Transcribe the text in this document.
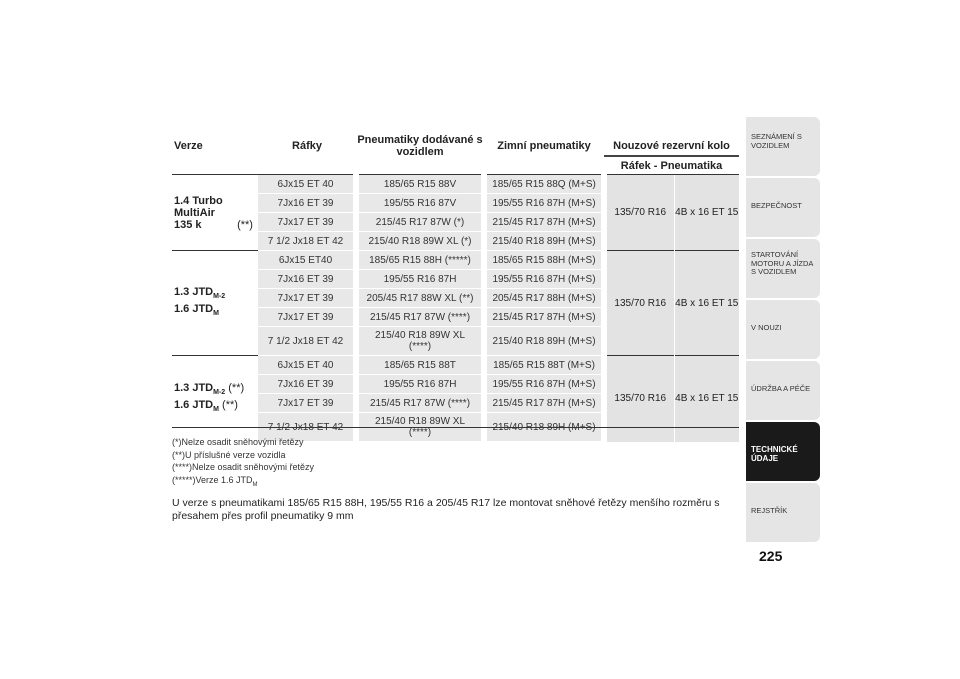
Verze	Ráfky	Pneumatiky dodávané s vozidlem	Zimní pneumatiky	Nouzové rezervní kolo	
				Ráfek - Pneumatika	
1.4 Turbo MultiAir 135 k (**)	6Jx15 ET 40	185/65 R15 88V	185/65 R15 88Q (M+S)	135/70 R16	4B x 16 ET 15
	7Jx16 ET 39	195/55 R16 87V	195/55 R16 87H (M+S)		
	7Jx17 ET 39	215/45 R17 87W (*)	215/45 R17 87H (M+S)		
	7 1/2 Jx18 ET 42	215/40 R18 89W XL (*)	215/40 R18 89H (M+S)		

1.3 $JTD_{M-2}$
1.6 $JTD_M$	6Jx15 ET40	185/65 R15 88H (*****)	185/65 R15 88H (M+S)	135/70 R16	4B x 16 ET 15
	7Jx16 ET 39	195/55 R16 87H	195/55 R16 87H (M+S)		
	7Jx17 ET 39	205/45 R17 88W XL (**)	205/45 R17 88H (M+S)		
	7Jx17 ET 39	215/45 R17 87W (****)	215/45 R17 87H (M+S)		
	7 1/2 Jx18 ET 42	215/40 R18 89W XL (****)	215/40 R18 89H (M+S)		

1.3 $JTD_{M-2}$ (**)
1.6 $JTD_M$ (**)	6Jx15 ET 40	185/65 R15 88T	185/65 R15 88T (M+S)	135/70 R16	4B x 16 ET 15
	7Jx16 ET 39	195/55 R16 87H	195/55 R16 87H (M+S)		
	7Jx17 ET 39	215/45 R17 87W (****)	215/45 R17 87H (M+S)		
	7 1/2 Jx18 ET 42	215/40 R18 89W XL (****)	215/40 R18 89H (M+S)		
(*)Nelze osadit sněhovými řetězy
(**)U příslušné verze vozidla
(****)Nelze osadit sněhovými řetězy
(*****)Verze 1.6 $JTD_M$
U verze s pneumatikami 185/65 R15 88H, 195/55 R16 a 205/45 R17 lze montovat sněhové řetězy menšího rozměru s přesahem přes profil pneumatiky 9 mm
SEZNÁMENÍ S VOZIDLEM
BEZPEČNOST
STARTOVÁNÍ MOTORU A JÍZDA S VOZIDLEM
V NOUZI
ÚDRŽBA A PÉČE
TECHNICKÉ ÚDAJE
REJSTŘÍK
225
